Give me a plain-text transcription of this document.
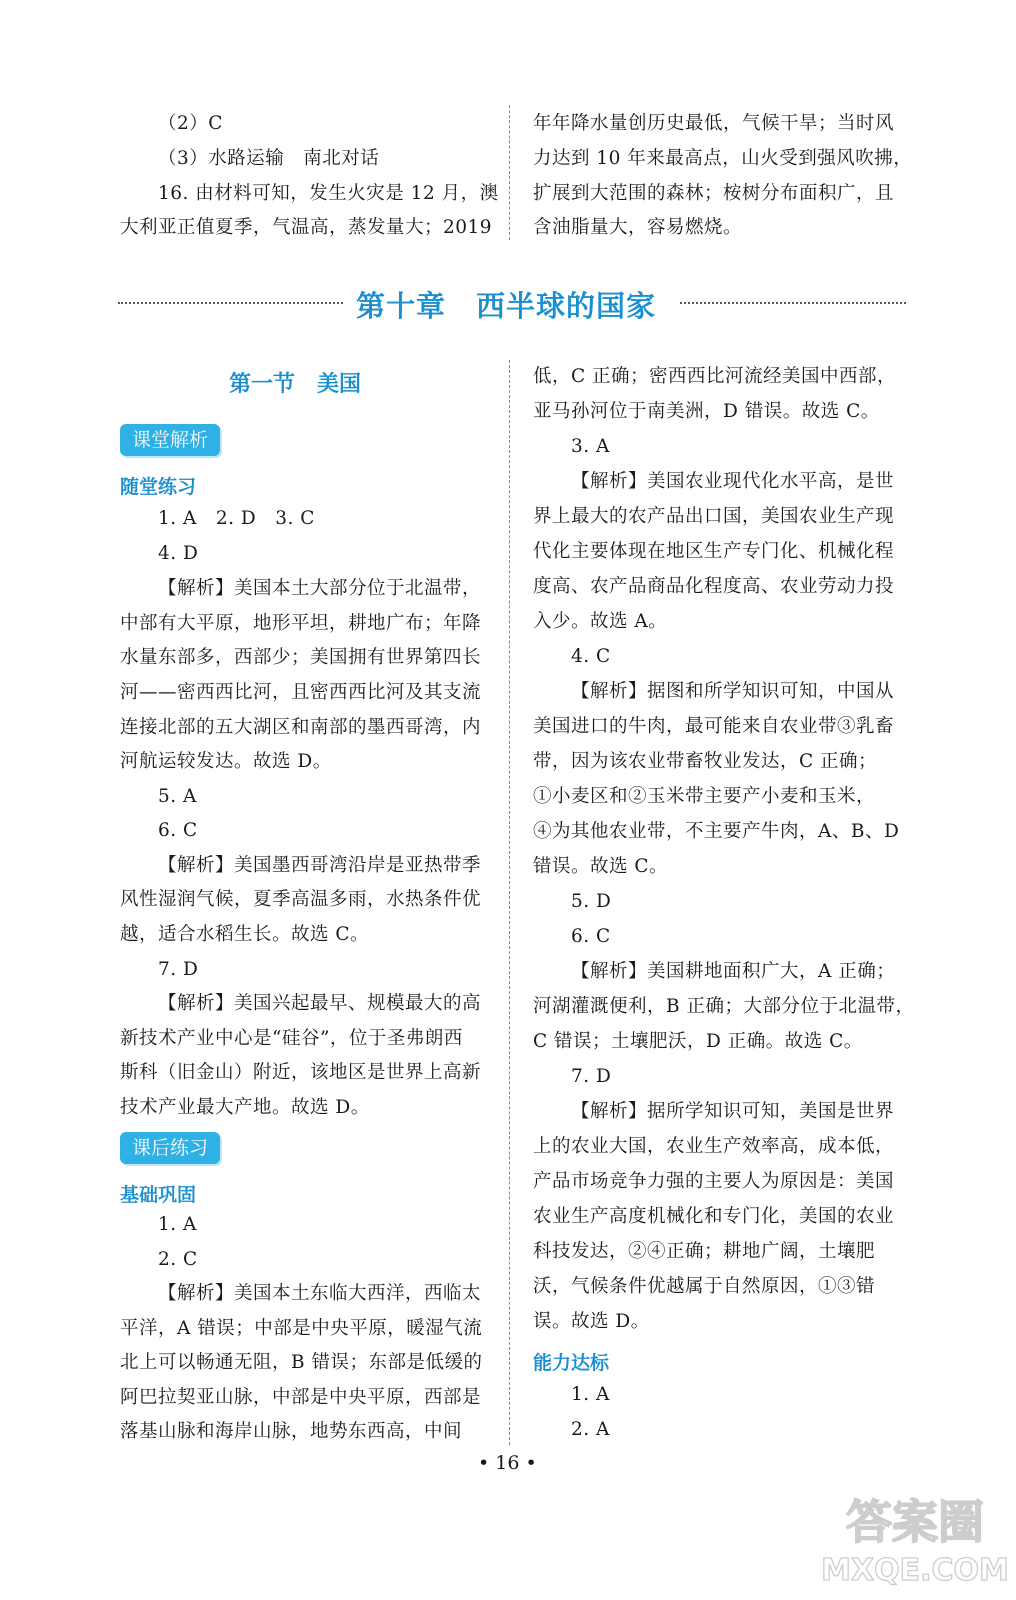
（2）C
（3）水路运输　南北对话
16. 由材料可知，发生火灾是 12 月，澳
大利亚正值夏季，气温高，蒸发量大；2019
年年降水量创历史最低，气候干旱；当时风
力达到 10 年来最高点，山火受到强风吹拂，
扩展到大范围的森林；桉树分布面积广，且
含油脂量大，容易燃烧。
第十章　西半球的国家
第一节　美国
课堂解析
随堂练习
1. A　2. D　3. C
4. D
【解析】美国本土大部分位于北温带，
中部有大平原，地形平坦，耕地广布；年降
水量东部多，西部少；美国拥有世界第四长
河——密西西比河，且密西西比河及其支流
连接北部的五大湖区和南部的墨西哥湾，内
河航运较发达。故选 D。
5. A
6. C
【解析】美国墨西哥湾沿岸是亚热带季
风性湿润气候，夏季高温多雨，水热条件优
越，适合水稻生长。故选 C。
7. D
【解析】美国兴起最早、规模最大的高
新技术产业中心是“硅谷”，位于圣弗朗西
斯科（旧金山）附近，该地区是世界上高新
技术产业最大产地。故选 D。
课后练习
基础巩固
1. A
2. C
【解析】美国本土东临大西洋，西临太
平洋，A 错误；中部是中央平原，暖湿气流
北上可以畅通无阻，B 错误；东部是低缓的
阿巴拉契亚山脉，中部是中央平原，西部是
落基山脉和海岸山脉，地势东西高，中间
低，C 正确；密西西比河流经美国中西部，
亚马孙河位于南美洲，D 错误。故选 C。
3. A
【解析】美国农业现代化水平高，是世
界上最大的农产品出口国，美国农业生产现
代化主要体现在地区生产专门化、机械化程
度高、农产品商品化程度高、农业劳动力投
入少。故选 A。
4. C
【解析】据图和所学知识可知，中国从
美国进口的牛肉，最可能来自农业带③乳畜
带，因为该农业带畜牧业发达，C 正确；
①小麦区和②玉米带主要产小麦和玉米，
④为其他农业带，不主要产牛肉，A、B、D
错误。故选 C。
5. D
6. C
【解析】美国耕地面积广大，A 正确；
河湖灌溉便利，B 正确；大部分位于北温带，
C 错误；土壤肥沃，D 正确。故选 C。
7. D
【解析】据所学知识可知，美国是世界
上的农业大国，农业生产效率高，成本低，
产品市场竞争力强的主要人为原因是：美国
农业生产高度机械化和专门化，美国的农业
科技发达，②④正确；耕地广阔，土壤肥
沃，气候条件优越属于自然原因，①③错
误。故选 D。
能力达标
1. A
2. A
• 16 •
答案圈
MXQE.COM
